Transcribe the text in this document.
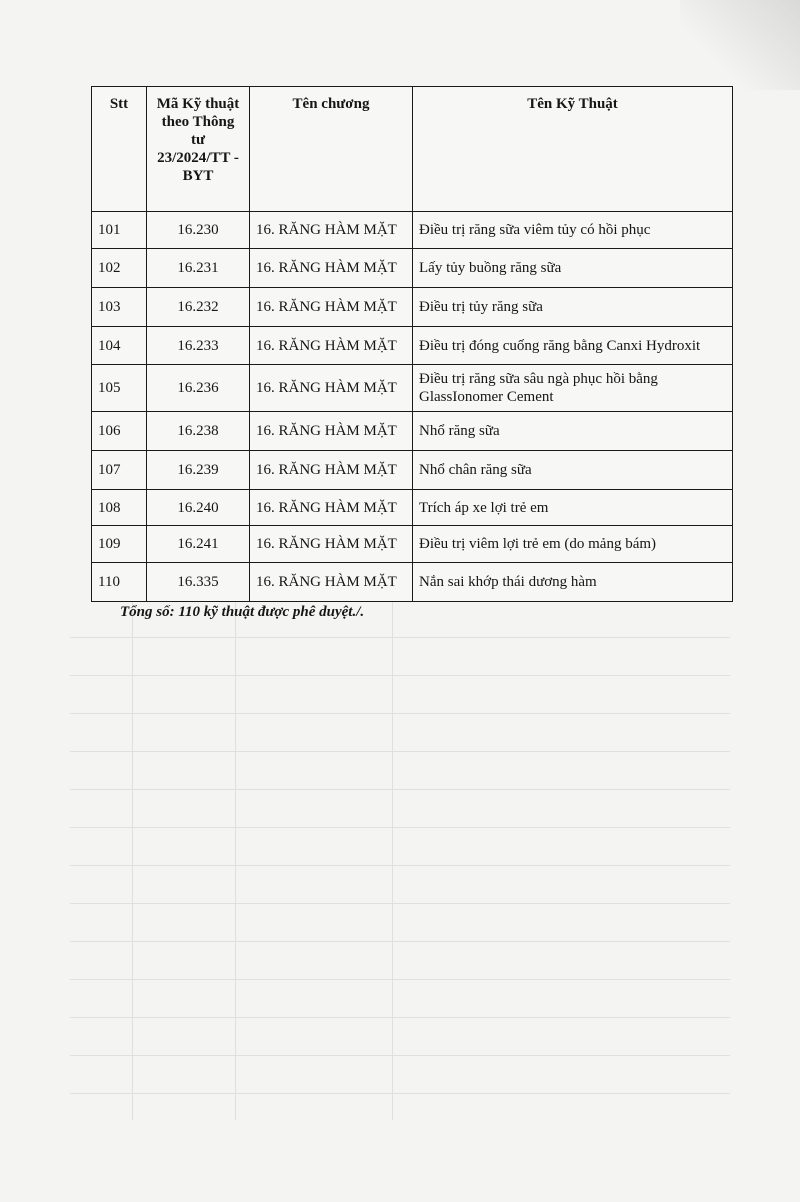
Stt	Mã Kỹ thuật theo Thông tư 23/2024/TT -BYT	Tên chương	Tên Kỹ Thuật
101	16.230	16. RĂNG HÀM MẶT	Điều trị răng sữa viêm tủy có hồi phục
102	16.231	16. RĂNG HÀM MẶT	Lấy tủy buồng răng sữa
103	16.232	16. RĂNG HÀM MẶT	Điều trị tủy răng sữa
104	16.233	16. RĂNG HÀM MẶT	Điều trị đóng cuống răng bằng Canxi Hydroxit
105	16.236	16. RĂNG HÀM MẶT	Điều trị răng sữa sâu ngà phục hồi bằng GlassIonomer Cement
106	16.238	16. RĂNG HÀM MẶT	Nhổ răng sữa
107	16.239	16. RĂNG HÀM MẶT	Nhổ chân răng sữa
108	16.240	16. RĂNG HÀM MẶT	Trích áp xe lợi trẻ em
109	16.241	16. RĂNG HÀM MẶT	Điều trị viêm lợi trẻ em (do mảng bám)
110	16.335	16. RĂNG HÀM MẶT	Nắn sai khớp thái dương hàm
Tổng số: 110 kỹ thuật được phê duyệt./.
